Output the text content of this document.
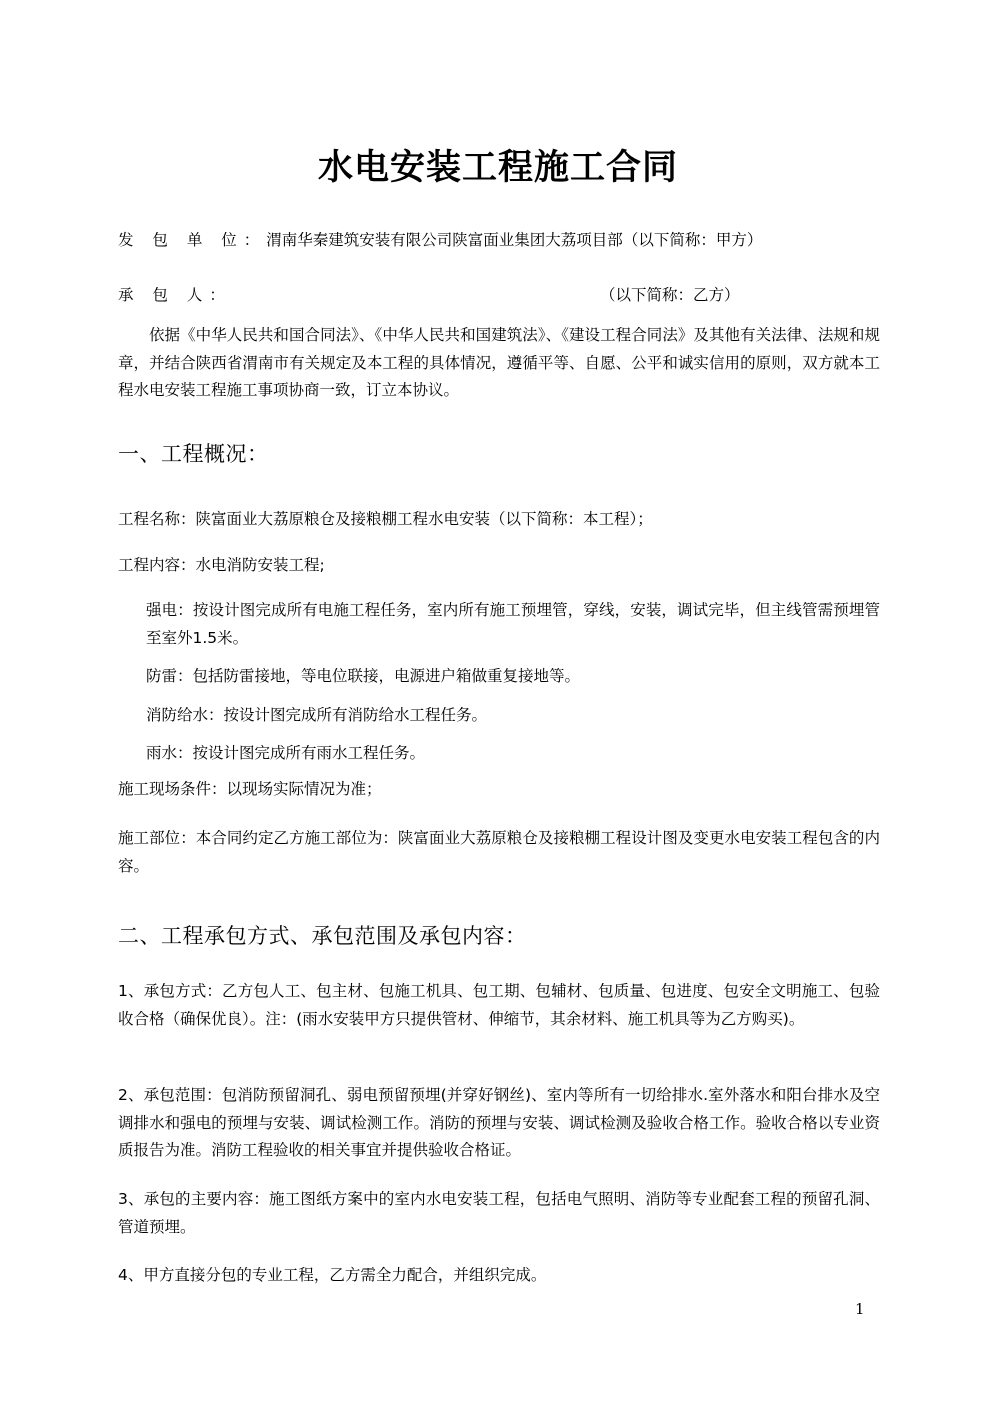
水电安装工程施工合同
发 包 单 位：渭南华秦建筑安装有限公司陕富面业集团大荔项目部（以下简称：甲方）
承 包 人：	（以下简称：乙方）

依据《中华人民共和国合同法》、《中华人民共和国建筑法》、《建设工程合同法》及其他有关法律、法规和规章，并结合陕西省渭南市有关规定及本工程的具体情况，遵循平等、自愿、公平和诚实信用的原则，双方就本工程水电安装工程施工事项协商一致，订立本协议。

一、工程概况：

工程名称：陕富面业大荔原粮仓及接粮棚工程水电安装（以下简称：本工程）；

工程内容：水电消防安装工程;

强电：按设计图完成所有电施工程任务，室内所有施工预埋管，穿线，安装，调试完毕，但主线管需预埋管至室外1.5米。

防雷：包括防雷接地，等电位联接，电源进户箱做重复接地等。

消防给水：按设计图完成所有消防给水工程任务。

雨水：按设计图完成所有雨水工程任务。

施工现场条件：以现场实际情况为准；

施工部位：本合同约定乙方施工部位为：陕富面业大荔原粮仓及接粮棚工程设计图及变更水电安装工程包含的内容。

二、工程承包方式、承包范围及承包内容：

1、承包方式：乙方包人工、包主材、包施工机具、包工期、包辅材、包质量、包进度、包安全文明施工、包验收合格（确保优良）。注：(雨水安装甲方只提供管材、伸缩节，其余材料、施工机具等为乙方购买)。

2、承包范围：包消防预留洞孔、弱电预留预埋(并穿好钢丝)、室内等所有一切给排水.室外落水和阳台排水及空调排水和强电的预埋与安装、调试检测工作。消防的预埋与安装、调试检测及验收合格工作。验收合格以专业资质报告为准。消防工程验收的相关事宜并提供验收合格证。

3、承包的主要内容：施工图纸方案中的室内水电安装工程，包括电气照明、消防等专业配套工程的预留孔洞、管道预埋。

4、甲方直接分包的专业工程，乙方需全力配合，并组织完成。

1
